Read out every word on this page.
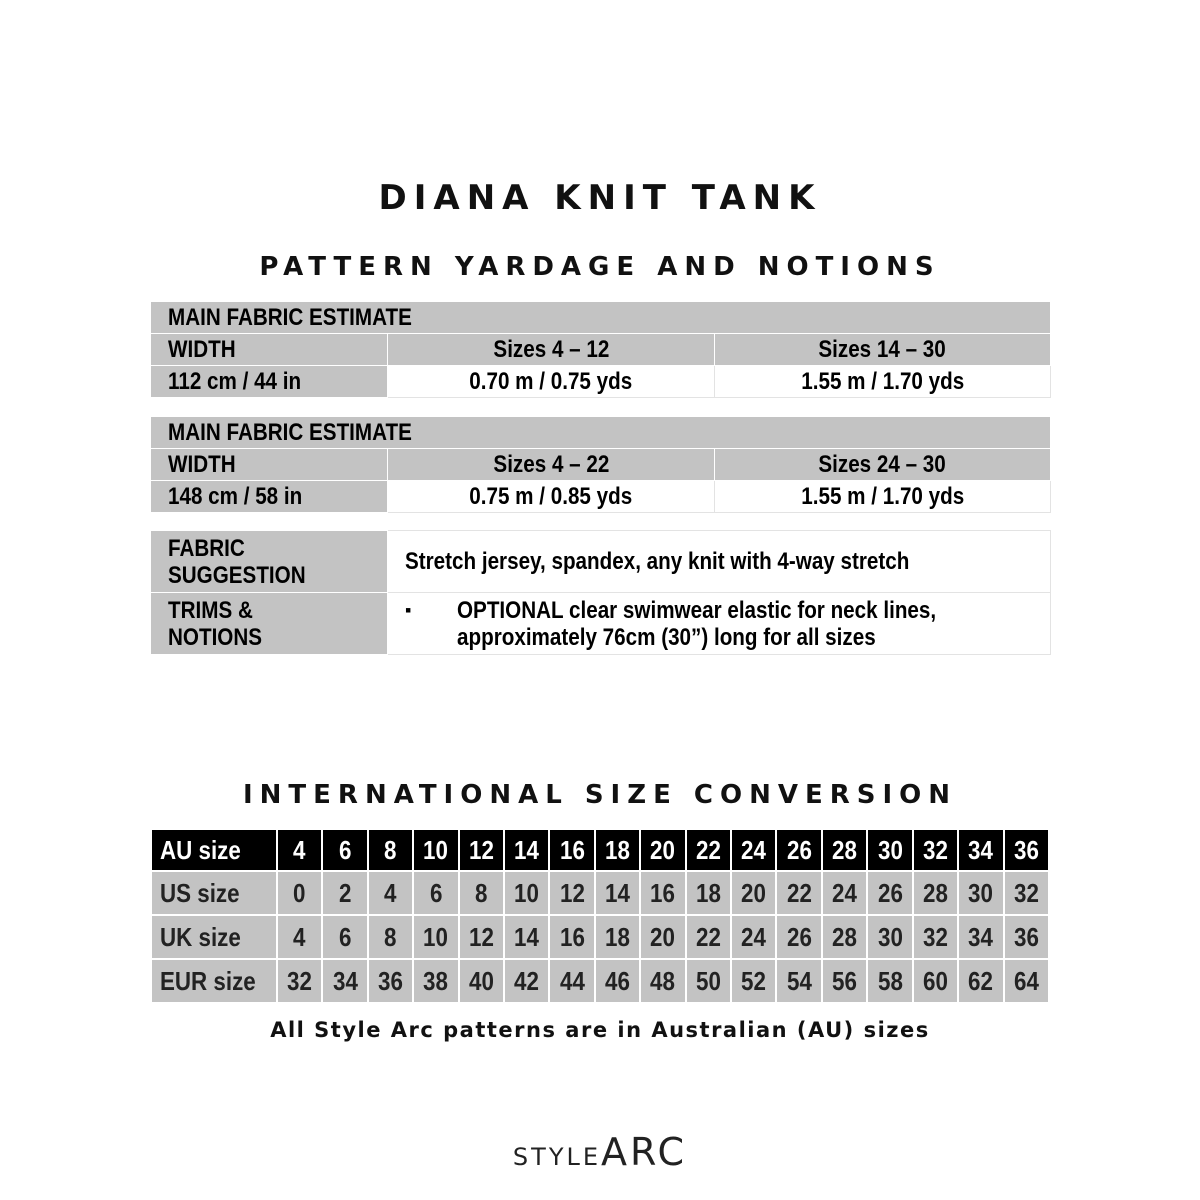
DIANA KNIT TANK
PATTERN YARDAGE AND NOTIONS
MAIN FABRIC ESTIMATE		
WIDTH	Sizes 4 – 12	Sizes 14 – 30
112 cm / 44 in	0.70 m / 0.75 yds	1.55 m / 1.70 yds
MAIN FABRIC ESTIMATE		
WIDTH	Sizes 4 – 22	Sizes 24 – 30
148 cm / 58 in	0.75 m / 0.85 yds	1.55 m / 1.70 yds
FABRIC
SUGGESTION	Stretch jersey, spandex, any knit with 4-way stretch
TRIMS &
NOTIONS	▪ OPTIONAL clear swimwear elastic for neck lines,
approximately 76cm (30”) long for all sizes
INTERNATIONAL SIZE CONVERSION
AU size	4	6	8	10	12	14	16	18	20	22	24	26	28	30	32	34	36
US size	0	2	4	6	8	10	12	14	16	18	20	22	24	26	28	30	32
UK size	4	6	8	10	12	14	16	18	20	22	24	26	28	30	32	34	36
EUR size	32	34	36	38	40	42	44	46	48	50	52	54	56	58	60	62	64
All Style Arc patterns are in Australian (AU) sizes
STYLEARC
